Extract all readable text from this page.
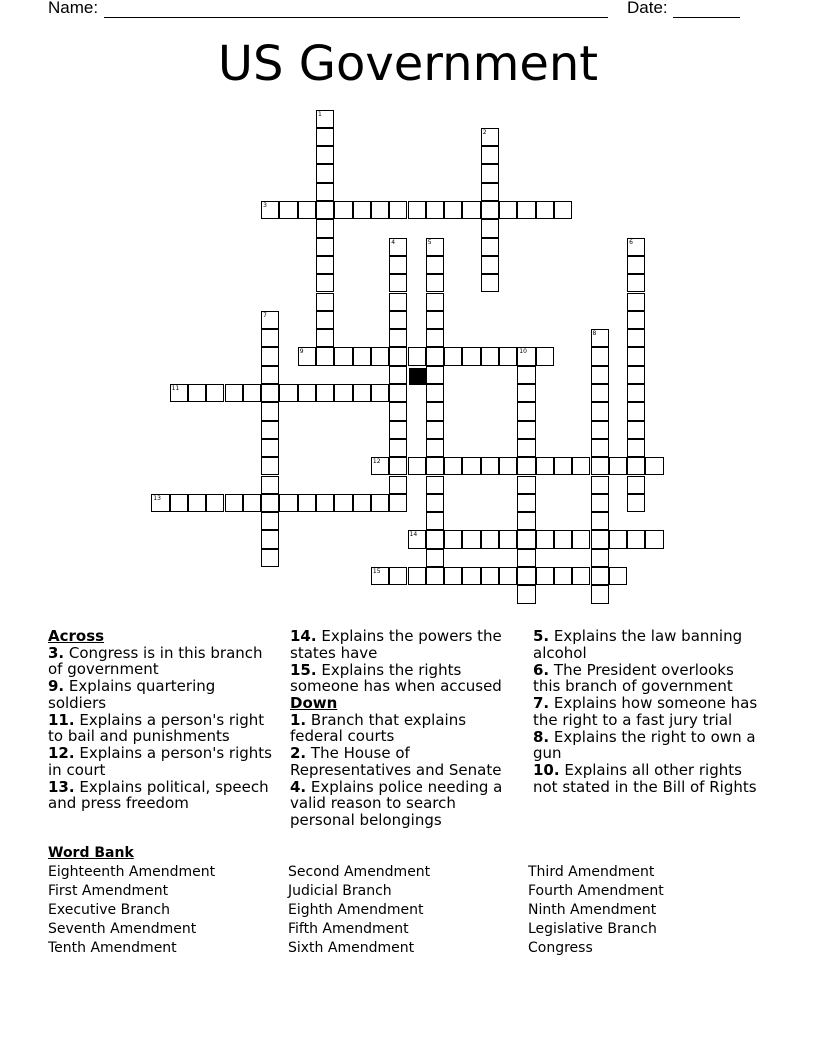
Name:	Date:
US Government
1
2
3
4	5	6
7
8
9	10
11
12
13
14
15
Across
3. Congress is in this branch of government
9. Explains quartering soldiers
11. Explains a person's right to bail and punishments
12. Explains a person's rights in court
13. Explains political, speech and press freedom
14. Explains the powers the states have
15. Explains the rights someone has when accused
Down
1. Branch that explains federal courts
2. The House of Representatives and Senate
4. Explains police needing a valid reason to search personal belongings
5. Explains the law banning alcohol
6. The President overlooks this branch of government
7. Explains how someone has the right to a fast jury trial
8. Explains the right to own a gun
10. Explains all other rights not stated in the Bill of Rights
Word Bank
Eighteenth Amendment	Second Amendment	Third Amendment
First Amendment	Judicial Branch	Fourth Amendment
Executive Branch	Eighth Amendment	Ninth Amendment
Seventh Amendment	Fifth Amendment	Legislative Branch
Tenth Amendment	Sixth Amendment	Congress
